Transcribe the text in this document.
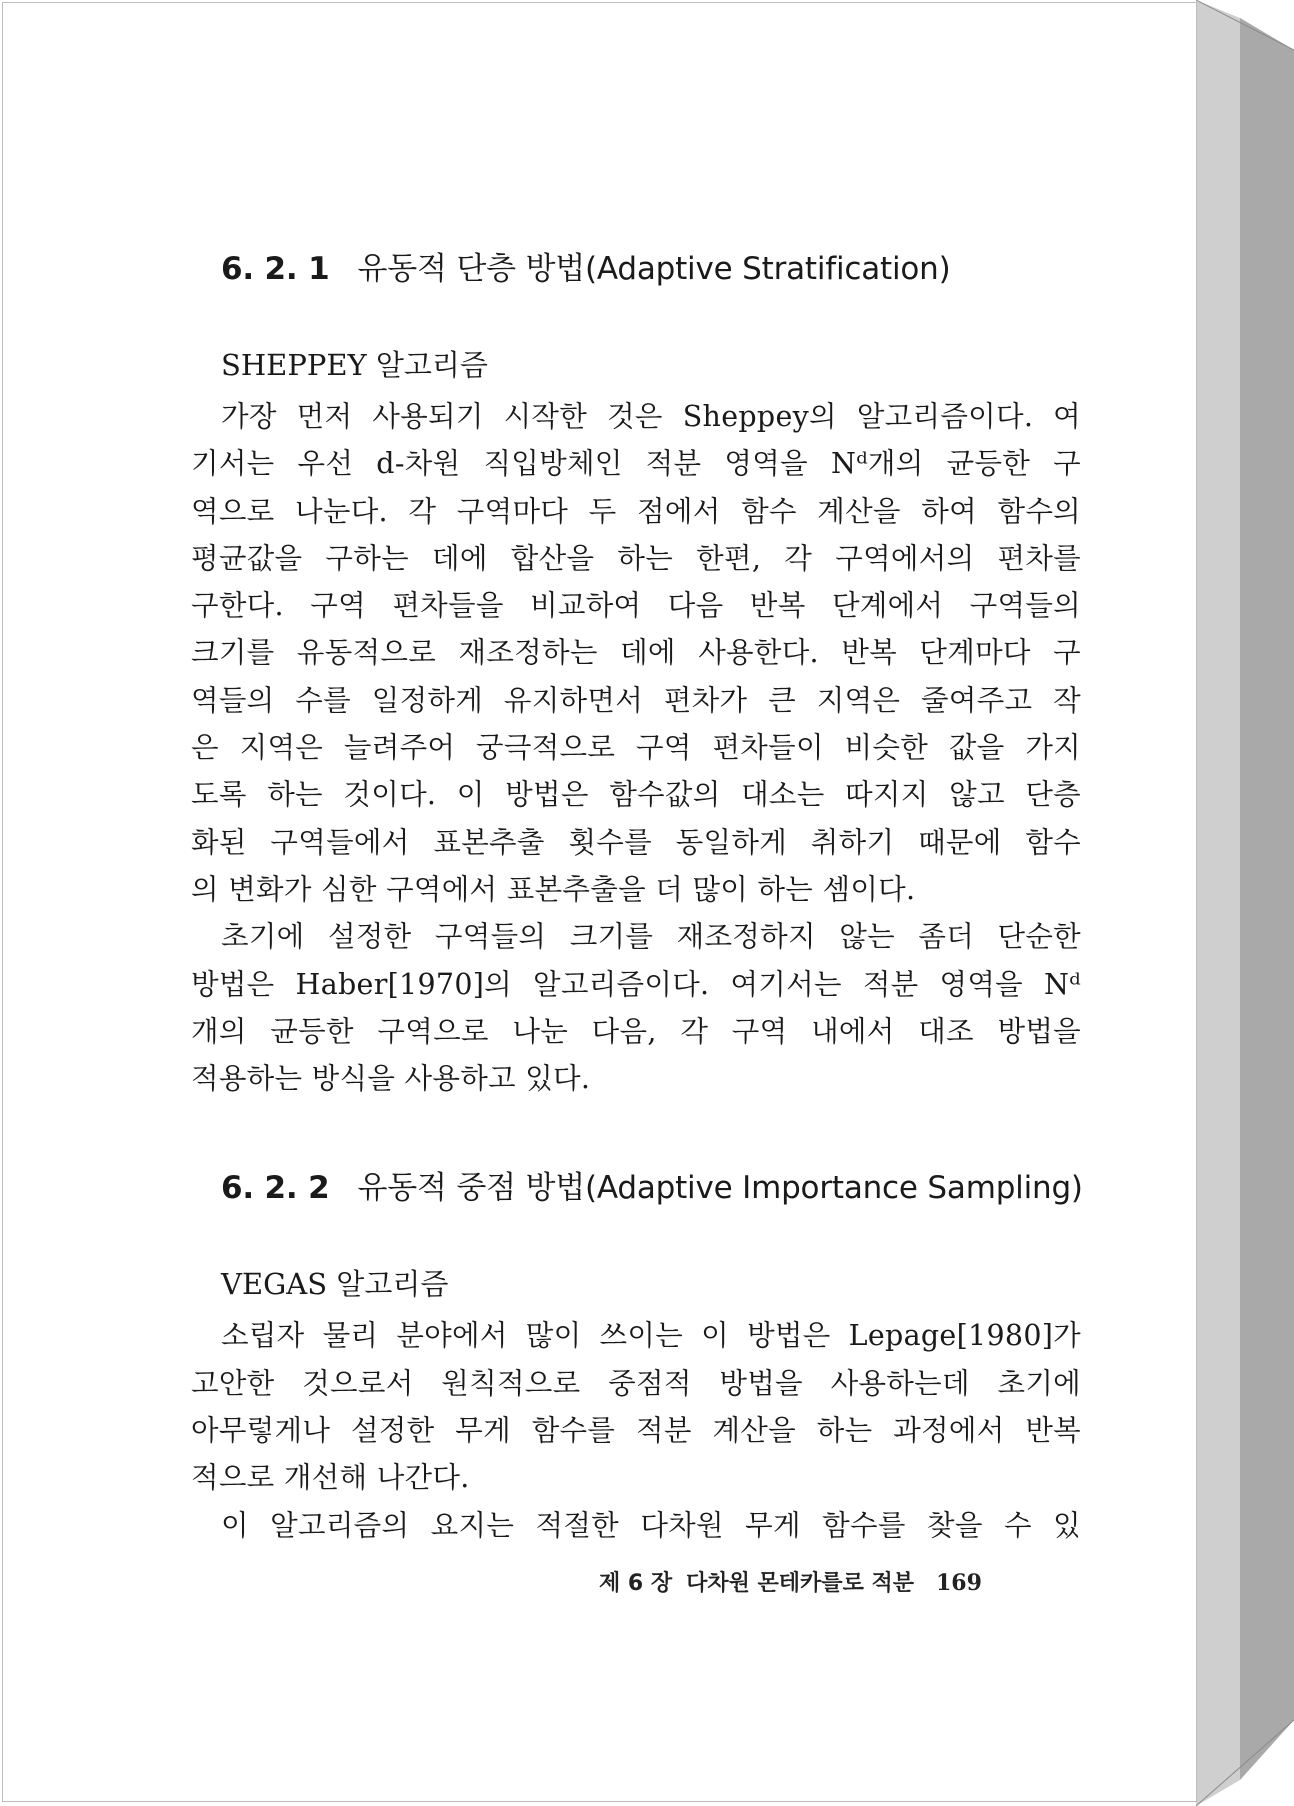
6. 2. 1 유동적 단층 방법(Adaptive Stratification)
SHEPPEY 알고리즘

가장 먼저 사용되기 시작한 것은 Sheppey의 알고리즘이다. 여
기서는 우선 d-차원 직입방체인 적분 영역을 Nᵈ개의 균등한 구
역으로 나눈다. 각 구역마다 두 점에서 함수 계산을 하여 함수의
평균값을 구하는 데에 합산을 하는 한편, 각 구역에서의 편차를
구한다. 구역 편차들을 비교하여 다음 반복 단계에서 구역들의
크기를 유동적으로 재조정하는 데에 사용한다. 반복 단계마다 구
역들의 수를 일정하게 유지하면서 편차가 큰 지역은 줄여주고 작
은 지역은 늘려주어 궁극적으로 구역 편차들이 비슷한 값을 가지
도록 하는 것이다. 이 방법은 함수값의 대소는 따지지 않고 단층
화된 구역들에서 표본추출 횟수를 동일하게 취하기 때문에 함수
의 변화가 심한 구역에서 표본추출을 더 많이 하는 셈이다.

초기에 설정한 구역들의 크기를 재조정하지 않는 좀더 단순한
방법은 Haber[1970]의 알고리즘이다. 여기서는 적분 영역을 Nᵈ
개의 균등한 구역으로 나눈 다음, 각 구역 내에서 대조 방법을
적용하는 방식을 사용하고 있다.

6. 2. 2 유동적 중점 방법(Adaptive Importance Sampling)
VEGAS 알고리즘

소립자 물리 분야에서 많이 쓰이는 이 방법은 Lepage[1980]가
고안한 것으로서 원칙적으로 중점적 방법을 사용하는데 초기에
아무렇게나 설정한 무게 함수를 적분 계산을 하는 과정에서 반복
적으로 개선해 나간다.

이 알고리즘의 요지는 적절한 다차원 무게 함수를 찾을 수 있

제 6 장 다차원 몬테카를로 적분 169
